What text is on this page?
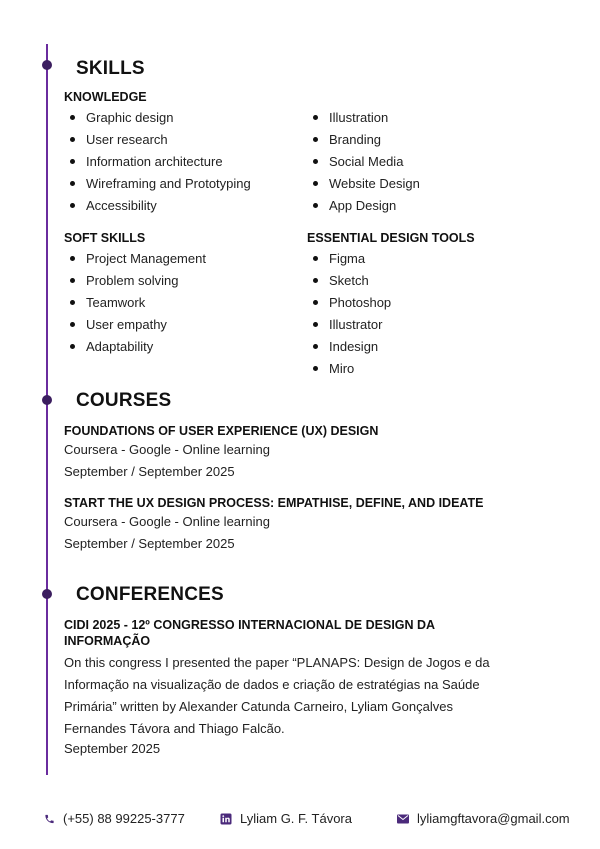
SKILLS
KNOWLEDGE
Graphic design
User research
Information architecture
Wireframing and Prototyping
Accessibility
Illustration
Branding
Social Media
Website Design
App Design
SOFT SKILLS
Project Management
Problem solving
Teamwork
User empathy
Adaptability
ESSENTIAL DESIGN TOOLS
Figma
Sketch
Photoshop
Illustrator
Indesign
Miro
COURSES
FOUNDATIONS OF USER EXPERIENCE (UX) DESIGN

Coursera - Google - Online learning

September / September 2025

START THE UX DESIGN PROCESS: EMPATHISE, DEFINE, AND IDEATE

Coursera - Google - Online learning

September / September 2025

CONFERENCES
CIDI 2025 - 12º CONGRESSO INTERNACIONAL DE DESIGN DA INFORMAÇÃO

On this congress I presented the paper “PLANAPS: Design de Jogos e da Informação na visualização de dados e criação de estratégias na Saúde Primária” written by Alexander Catunda Carneiro, Lyliam Gonçalves Fernandes Távora and Thiago Falcão.

September 2025

(+55) 88 99225-3777	Lyliam G. F. Távora	lyliamgftavora@gmail.com
